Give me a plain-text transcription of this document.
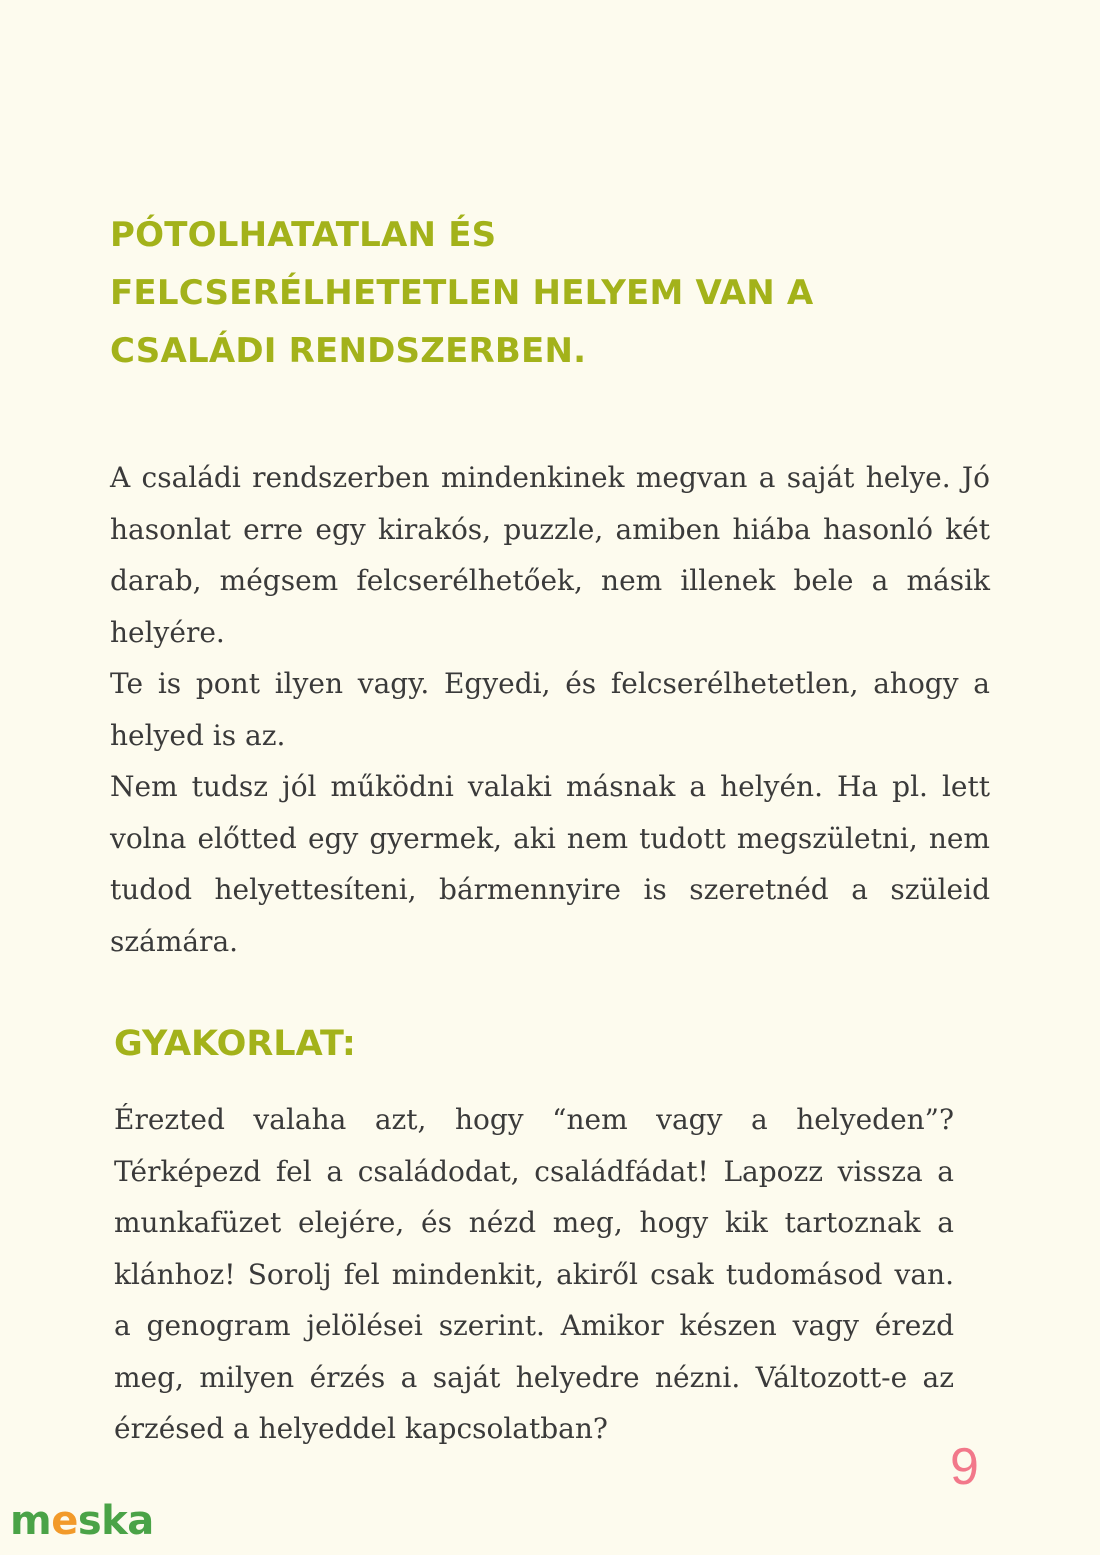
PÓTOLHATATLAN ÉS
FELCSERÉLHETETLEN HELYEM VAN A
CSALÁDI RENDSZERBEN.

A családi rendszerben mindenkinek megvan a saját helye. Jó hasonlat erre egy kirakós, puzzle, amiben hiába hasonló két darab, mégsem felcserélhetőek, nem illenek bele a másik helyére.

Te is pont ilyen vagy. Egyedi, és felcserélhetetlen, ahogy a helyed is az.

Nem tudsz jól működni valaki másnak a helyén. Ha pl. lett volna előtted egy gyermek, aki nem tudott megszületni, nem tudod helyettesíteni, bármennyire is szeretnéd a szüleid számára.

GYAKORLAT:

Érezted valaha azt, hogy “nem vagy a helyeden”? Térképezd fel a családodat, családfádat! Lapozz vissza a munkafüzet elejére, és nézd meg, hogy kik tartoznak a klánhoz! Sorolj fel mindenkit, akiről csak tudomásod van. a genogram jelölései szerint. Amikor készen vagy érezd meg, milyen érzés a saját helyedre nézni. Változott-e az érzésed a helyeddel kapcsolatban?

9
meska
